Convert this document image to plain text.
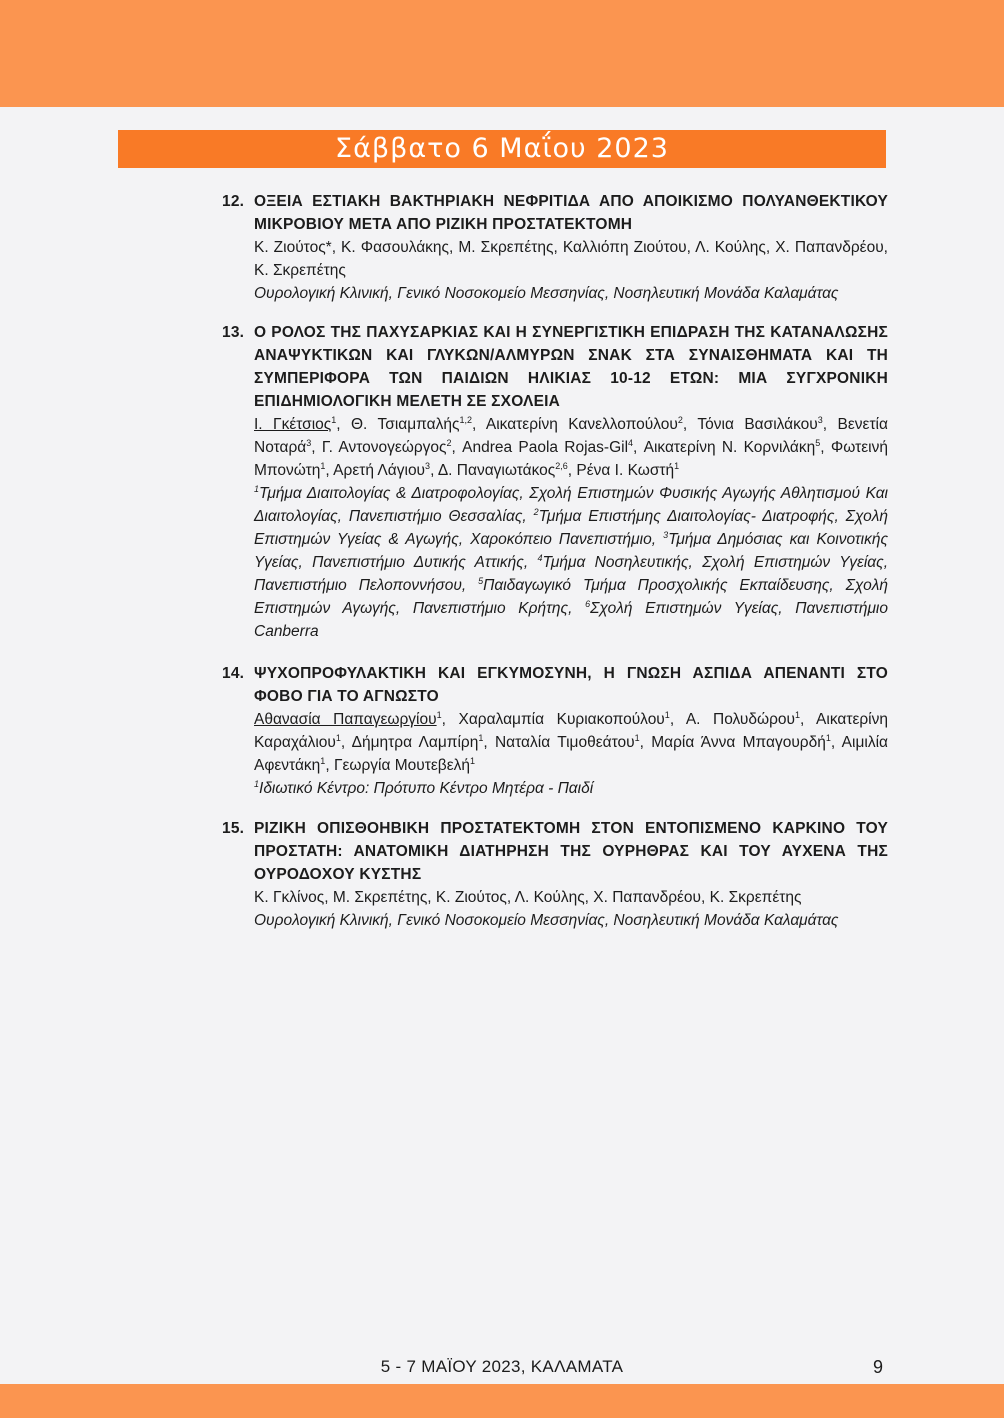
Σάββατο 6 Μαΐου 2023
12. ΟΞΕΙΑ ΕΣΤΙΑΚΗ ΒΑΚΤΗΡΙΑΚΗ ΝΕΦΡΙΤΙΔΑ ΑΠΟ ΑΠΟΙΚΙΣΜΟ ΠΟΛΥΑΝΘΕΚΤΙΚΟΥ ΜΙΚΡΟΒΙΟΥ ΜΕΤΑ ΑΠΟ ΡΙΖΙΚΗ ΠΡΟΣΤΑΤΕΚΤΟΜΗ
Κ. Ζιούτος*, Κ. Φασουλάκης, Μ. Σκρεπέτης, Καλλιόπη Ζιούτου, Λ. Κούλης, Χ. Παπανδρέου, Κ. Σκρεπέτης
Ουρολογική Κλινική, Γενικό Νοσοκομείο Μεσσηνίας, Νοσηλευτική Μονάδα Καλαμάτας
13. Ο ΡΟΛΟΣ ΤΗΣ ΠΑΧΥΣΑΡΚΙΑΣ ΚΑΙ Η ΣΥΝΕΡΓΙΣΤΙΚΗ ΕΠΙΔΡΑΣΗ ΤΗΣ ΚΑΤΑΝΑΛΩΣΗΣ ΑΝΑΨΥΚΤΙΚΩΝ ΚΑΙ ΓΛΥΚΩΝ/ΑΛΜΥΡΩΝ ΣΝΑΚ ΣΤΑ ΣΥΝΑΙΣΘΗΜΑΤΑ ΚΑΙ ΤΗ ΣΥΜΠΕΡΙΦΟΡΑ ΤΩΝ ΠΑΙΔΙΩΝ ΗΛΙΚΙΑΣ 10-12 ΕΤΩΝ: ΜΙΑ ΣΥΓΧΡΟΝΙΚΗ ΕΠΙΔΗΜΙΟΛΟΓΙΚΗ ΜΕΛΕΤΗ ΣΕ ΣΧΟΛΕΙΑ
Ι. Γκέτσιος$^1$, Θ. Τσιαμπαλής$^{1,2}$, Αικατερίνη Κανελλοπούλου$^2$, Τόνια Βασιλάκου$^3$, Βενετία Νοταρά$^3$, Γ. Αντονογεώργος$^2$, Andrea Paola Rojas-Gil$^4$, Αικατερίνη Ν. Κορνιλάκη$^5$, Φωτεινή Μπονώτη$^1$, Αρετή Λάγιου$^3$, Δ. Παναγιωτάκος$^{2,6}$, Ρένα Ι. Κωστή$^1$
$^1$Τμήμα Διαιτολογίας & Διατροφολογίας, Σχολή Επιστημών Φυσικής Αγωγής Αθλητισμού Και Διαιτολογίας, Πανεπιστήμιο Θεσσαλίας, $^2$Τμήμα Επιστήμης Διαιτολογίας- Διατροφής, Σχολή Επιστημών Υγείας & Αγωγής, Χαροκόπειο Πανεπιστήμιο, $^3$Τμήμα Δημόσιας και Κοινοτικής Υγείας, Πανεπιστήμιο Δυτικής Αττικής, $^4$Τμήμα Νοσηλευτικής, Σχολή Επιστημών Υγείας, Πανεπιστήμιο Πελοποννήσου, $^5$Παιδαγωγικό Τμήμα Προσχολικής Εκπαίδευσης, Σχολή Επιστημών Αγωγής, Πανεπιστήμιο Κρήτης, $^6$Σχολή Επιστημών Υγείας, Πανεπιστήμιο Canberra
14. ΨΥΧΟΠΡΟΦΥΛΑΚΤΙΚΗ ΚΑΙ ΕΓΚΥΜΟΣΥΝΗ, Η ΓΝΩΣΗ ΑΣΠΙΔΑ ΑΠΕΝΑΝΤΙ ΣΤΟ ΦΟΒΟ ΓΙΑ ΤΟ ΑΓΝΩΣΤΟ
Αθανασία Παπαγεωργίου$^1$, Χαραλαμπία Κυριακοπούλου$^1$, Α. Πολυδώρου$^1$, Αικατερίνη Καραχάλιου$^1$, Δήμητρα Λαμπίρη$^1$, Ναταλία Τιμοθεάτου$^1$, Μαρία Άννα Μπαγουρδή$^1$, Αιμιλία Αφεντάκη$^1$, Γεωργία Μουτεβελή$^1$
$^1$Ιδιωτικό Κέντρο: Πρότυπο Κέντρο Μητέρα - Παιδί
15. ΡΙΖΙΚΗ ΟΠΙΣΘΟΗΒΙΚΗ ΠΡΟΣΤΑΤΕΚΤΟΜΗ ΣΤΟΝ ΕΝΤΟΠΙΣΜΕΝΟ ΚΑΡΚΙΝΟ ΤΟΥ ΠΡΟΣΤΑΤΗ: ΑΝΑΤΟΜΙΚΗ ΔΙΑΤΗΡΗΣΗ ΤΗΣ ΟΥΡΗΘΡΑΣ ΚΑΙ ΤΟΥ ΑΥΧΕΝΑ ΤΗΣ ΟΥΡΟΔΟΧΟΥ ΚΥΣΤΗΣ
Κ. Γκλίνος, Μ. Σκρεπέτης, Κ. Ζιούτος, Λ. Κούλης, Χ. Παπανδρέου, Κ. Σκρεπέτης
Ουρολογική Κλινική, Γενικό Νοσοκομείο Μεσσηνίας, Νοσηλευτική Μονάδα Καλαμάτας
5 - 7 ΜΑΪΟΥ 2023, ΚΑΛΑΜΑΤΑ	9
